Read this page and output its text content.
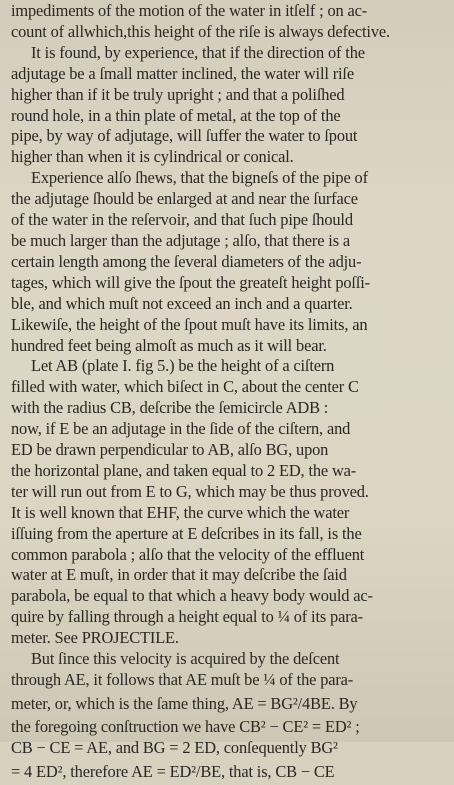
impediments of the motion of the water in itſelf ; on ac-
count of allwhich,this height of the riſe is always defective.

It is found, by experience, that if the direction of the
adjutage be a ſmall matter inclined, the water will riſe
higher than if it be truly upright ; and that a poliſhed
round hole, in a thin plate of metal, at the top of the
pipe, by way of adjutage, will ſuffer the water to ſpout
higher than when it is cylindrical or conical.

Experience alſo ſhews, that the bigneſs of the pipe of
the adjutage ſhould be enlarged at and near the ſurface
of the water in the reſervoir, and that ſuch pipe ſhould
be much larger than the adjutage ; alſo, that there is a
certain length among the ſeveral diameters of the adju-
tages, which will give the ſpout the greateſt height poſſi-
ble, and which muſt not exceed an inch and a quarter.
Likewiſe, the height of the ſpout muſt have its limits, an
hundred feet being almoſt as much as it will bear.

Let AB (plate I. fig 5.) be the height of a ciſtern
filled with water, which biſect in C, about the center C
with the radius CB, deſcribe the ſemicircle ADB :
now, if E be an adjutage in the ſide of the ciſtern, and
ED be drawn perpendicular to AB, alſo BG, upon
the horizontal plane, and taken equal to 2 ED, the wa-
ter will run out from E to G, which may be thus proved.
It is well known that EHF, the curve which the water
iſſuing from the aperture at E deſcribes in its fall, is the
common parabola ; alſo that the velocity of the effluent
water at E muſt, in order that it may deſcribe the ſaid
parabola, be equal to that which a heavy body would ac-
quire by falling through a height equal to ¼ of its para-
meter. See PROJECTILE.

But ſince this velocity is acquired by the deſcent
through AE, it follows that AE muſt be ¼ of the para-
meter, or, which is the ſame thing, AE = BG²/4BE. By
the foregoing conſtruction we have CB² − CE² = ED² ;
CB − CE = AE, and BG = 2 ED, conſequently BG²
= 4 ED², therefore AE = ED²/BE, that is, CB − CE
